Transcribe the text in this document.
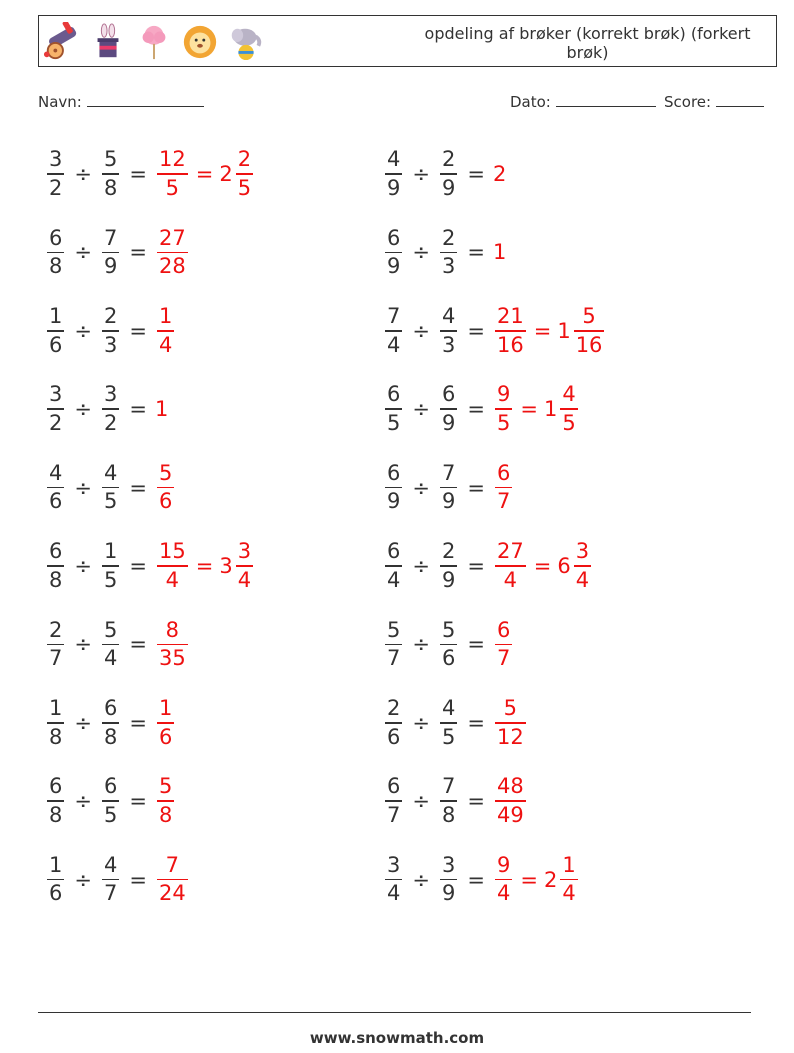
opdeling af brøker (korrekt brøk) (forkert brøk)
Navn:	Dato:	Score:
$\frac{3}{2} \div \frac{5}{8} = \frac{12}{5} = 2 \frac{2}{5}$	$\frac{4}{9} \div \frac{2}{9} = 2$
$\frac{6}{8} \div \frac{7}{9} = \frac{27}{28}$	$\frac{6}{9} \div \frac{2}{3} = 1$
$\frac{1}{6} \div \frac{2}{3} = \frac{1}{4}$	$\frac{7}{4} \div \frac{4}{3} = \frac{21}{16} = 1 \frac{5}{16}$
$\frac{3}{2} \div \frac{3}{2} = 1$	$\frac{6}{5} \div \frac{6}{9} = \frac{9}{5} = 1 \frac{4}{5}$
$\frac{4}{6} \div \frac{4}{5} = \frac{5}{6}$	$\frac{6}{9} \div \frac{7}{9} = \frac{6}{7}$
$\frac{6}{8} \div \frac{1}{5} = \frac{15}{4} = 3 \frac{3}{4}$	$\frac{6}{4} \div \frac{2}{9} = \frac{27}{4} = 6 \frac{3}{4}$
$\frac{2}{7} \div \frac{5}{4} = \frac{8}{35}$	$\frac{5}{7} \div \frac{5}{6} = \frac{6}{7}$
$\frac{1}{8} \div \frac{6}{8} = \frac{1}{6}$	$\frac{2}{6} \div \frac{4}{5} = \frac{5}{12}$
$\frac{6}{8} \div \frac{6}{5} = \frac{5}{8}$	$\frac{6}{7} \div \frac{7}{8} = \frac{48}{49}$
$\frac{1}{6} \div \frac{4}{7} = \frac{7}{24}$	$\frac{3}{4} \div \frac{3}{9} = \frac{9}{4} = 2 \frac{1}{4}$
www.snowmath.com
